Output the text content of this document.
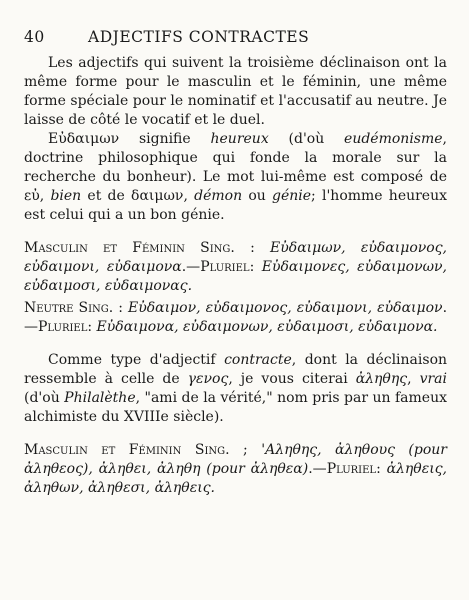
40	ADJECTIFS CONTRACTES

Les adjectifs qui suivent la troisième déclinaison ont la même forme pour le masculin et le féminin, une même forme spéciale pour le nominatif et l'accusatif au neutre. Je laisse de côté le vocatif et le duel.

Εὐδαιμων signifie heureux (d'où eudémonisme, doctrine philosophique qui fonde la morale sur la recherche du bonheur). Le mot lui-même est composé de εὐ, bien et de δαιμων, démon ou génie; l'homme heureux est celui qui a un bon génie.

Masculin et Féminin Sing. : Εὐδαιμων, εὐδαιμονος, εὐδαιμονι, εὐδαιμονα.—Pluriel: Εὐδαιμονες, εὐδαιμονων, εὐδαιμοσι, εὐδαιμονας.

Neutre Sing. : Εὐδαιμον, εὐδαιμονος, εὐδαιμονι, εὐδαιμον.—Pluriel: Εὐδαιμονα, εὐδαιμονων, εὐδαιμοσι, εὐδαιμονα.

Comme type d'adjectif contracte, dont la déclinaison ressemble à celle de γενος, je vous citerai ἀληθης, vrai (d'où Philalèthe, "ami de la vérité," nom pris par un fameux alchimiste du XVIIIe siècle).

Masculin et Féminin Sing. ; 'Αληθης, ἀληθους (pour ἀληθεος), ἀληθει, ἀληθη (pour ἀληθεα).—Pluriel: ἀληθεις, ἀληθων, ἀληθεσι, ἀληθεις.
